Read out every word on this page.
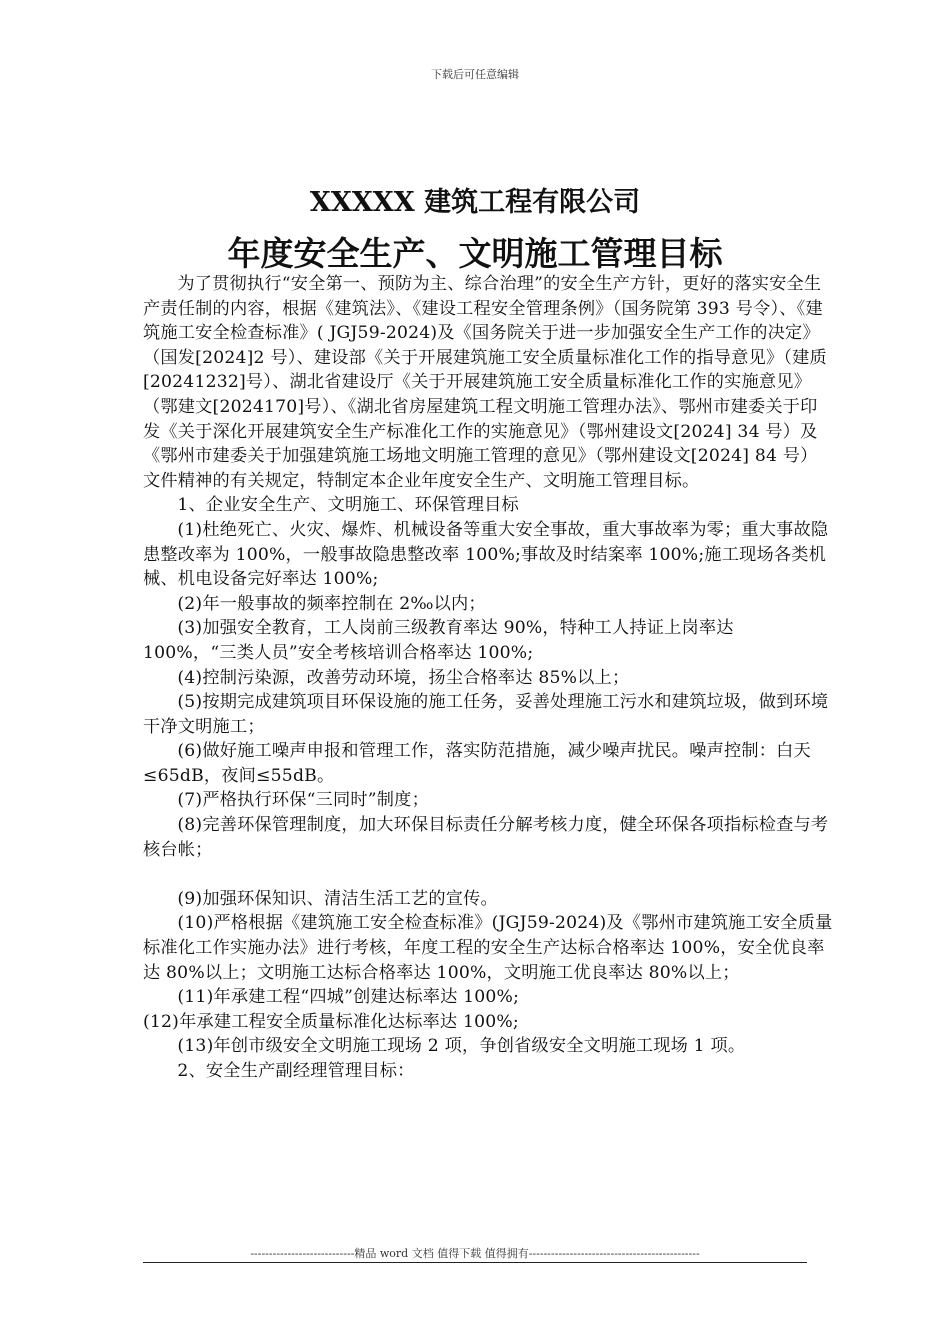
下载后可任意编辑
XXXXX 建筑工程有限公司
年度安全生产、文明施工管理目标

为了贯彻执行“安全第一、预防为主、综合治理”的安全生产方针，更好的落实安全生产责任制的内容，根据《建筑法》、《建设工程安全管理条例》（国务院第 393 号令）、《建筑施工安全检查标准》( JGJ59-2024)及《国务院关于进一步加强安全生产工作的决定》（国发[2024]2 号）、建设部《关于开展建筑施工安全质量标准化工作的指导意见》（建质[20241232]号）、湖北省建设厅《关于开展建筑施工安全质量标准化工作的实施意见》（鄂建文[2024170]号）、《湖北省房屋建筑工程文明施工管理办法》、鄂州市建委关于印发《关于深化开展建筑安全生产标准化工作的实施意见》（鄂州建设文[2024] 34 号）及《鄂州市建委关于加强建筑施工场地文明施工管理的意见》（鄂州建设文[2024] 84 号）文件精神的有关规定，特制定本企业年度安全生产、文明施工管理目标。

1、企业安全生产、文明施工、环保管理目标

(1)杜绝死亡、火灾、爆炸、机械设备等重大安全事故，重大事故率为零；重大事故隐患整改率为 100%，一般事故隐患整改率 100%;事故及时结案率 100%;施工现场各类机械、机电设备完好率达 100%;

(2)年一般事故的频率控制在 2‰以内；

(3)加强安全教育，工人岗前三级教育率达 90%，特种工人持证上岗率达 100%，“三类人员”安全考核培训合格率达 100%;

(4)控制污染源，改善劳动环境，扬尘合格率达 85%以上；

(5)按期完成建筑项目环保设施的施工任务，妥善处理施工污水和建筑垃圾，做到环境干净文明施工；

(6)做好施工噪声申报和管理工作，落实防范措施，减少噪声扰民。噪声控制：白天≤65dB，夜间≤55dB。

(7)严格执行环保“三同时”制度；

(8)完善环保管理制度，加大环保目标责任分解考核力度，健全环保各项指标检查与考核台帐；

(9)加强环保知识、清洁生活工艺的宣传。

(10)严格根据《建筑施工安全检查标准》(JGJ59-2024)及《鄂州市建筑施工安全质量标准化工作实施办法》进行考核，年度工程的安全生产达标合格率达 100%，安全优良率达 80%以上；文明施工达标合格率达 100%，文明施工优良率达 80%以上；

(11)年承建工程“四城”创建达标率达 100%;

(12)年承建工程安全质量标准化达标率达 100%;

(13)年创市级安全文明施工现场 2 项，争创省级安全文明施工现场 1 项。

2、安全生产副经理管理目标：

----------------------------精品 word 文档 值得下载 值得拥有----------------------------------------------
